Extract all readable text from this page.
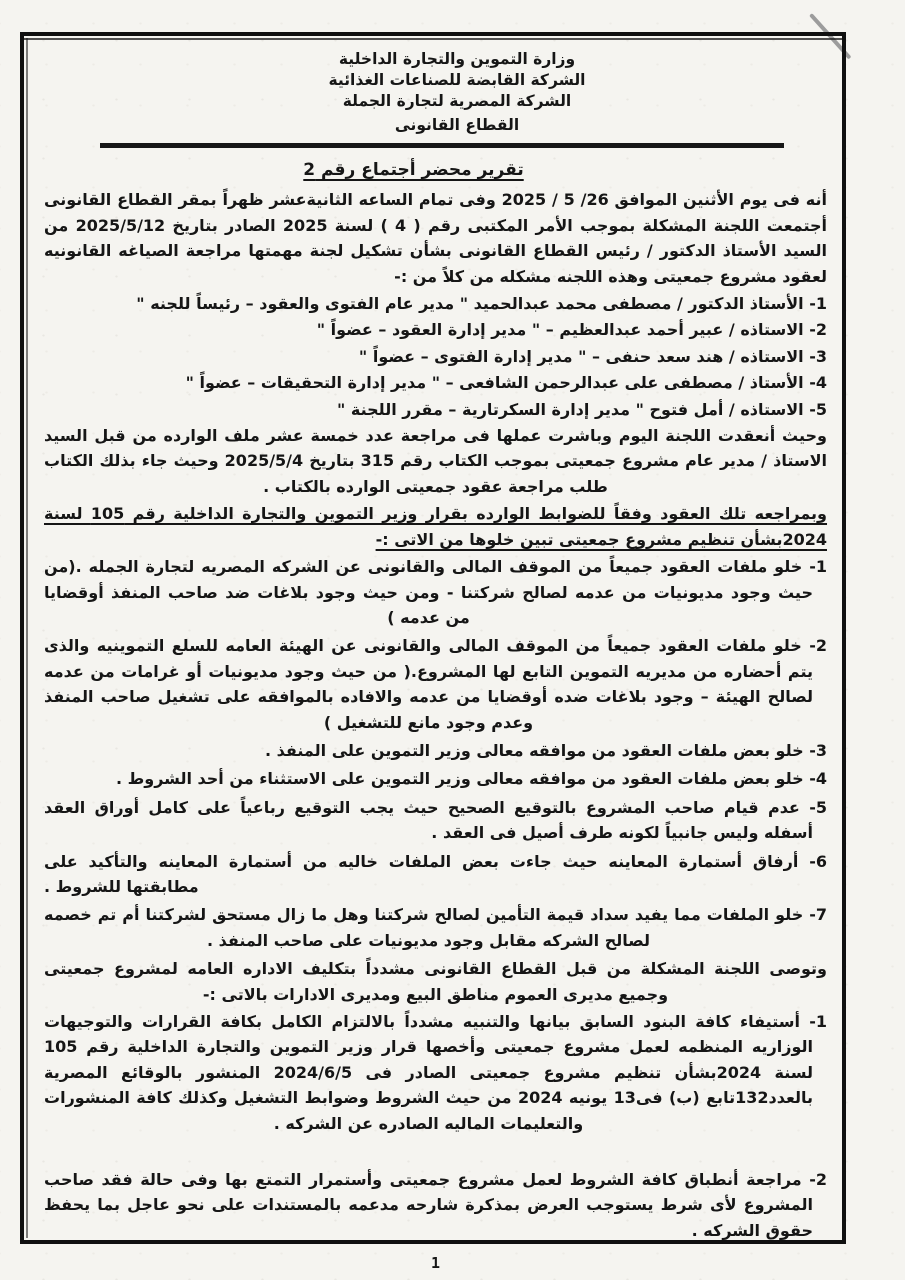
وزارة التموين والتجارة الداخلية
الشركة القابضة للصناعات الغذائية
الشركة المصرية لتجارة الجملة
القطاع القانونى
تقرير محضر أجتماع رقم 2

أنه فى يوم الأثنين الموافق 26/ 5 / 2025 وفى تمام الساعه الثانيةعشر ظهراً بمقر القطاع القانونى أجتمعت اللجنة المشكلة بموجب الأمر المكتبى رقم ( 4 ) لسنة 2025 الصادر بتاريخ 2025/5/12 من السيد الأستاذ الدكتور / رئيس القطاع القانونى بشأن تشكيل لجنة مهمتها مراجعة الصياغه القانونيه لعقود مشروع جمعيتى وهذه اللجنه مشكله من كلاً من :-

1- الأستاذ الدكتور / مصطفى محمد عبدالحميد " مدير عام الفتوى والعقود – رئيساً للجنه "

2- الاستاذه / عبير أحمد عبدالعظيم – " مدير إدارة العقود – عضواً "

3- الاستاذه / هند سعد حنفى – " مدير إدارة الفتوى – عضواً "

4- الأستاذ / مصطفى على عبدالرحمن الشافعى – " مدير إدارة التحقيقات – عضواً "

5- الاستاذه / أمل فتوح " مدير إدارة السكرتارية – مقرر اللجنة "

وحيث أنعقدت اللجنة اليوم وباشرت عملها فى مراجعة عدد خمسة عشر ملف الوارده من قبل السيد الاستاذ / مدير عام مشروع جمعيتى بموجب الكتاب رقم 315 بتاريخ 2025/5/4 وحيث جاء بذلك الكتاب طلب مراجعة عقود جمعيتى الوارده بالكتاب .

وبمراجعه تلك العقود وفقاً للضوابط الوارده بقرار وزير التموين والتجارة الداخلية رقم 105 لسنة 2024بشأن تنظيم مشروع جمعيتى تبين خلوها من الاتى :-

1- خلو ملفات العقود جميعاً من الموقف المالى والقانونى عن الشركه المصريه لتجارة الجمله .(من حيث وجود مديونيات من عدمه لصالح شركتنا - ومن حيث وجود بلاغات ضد صاحب المنفذ أوقضايا من عدمه )

2- خلو ملفات العقود جميعاً من الموقف المالى والقانونى عن الهيئة العامه للسلع التموينيه والذى يتم أحضاره من مديريه التموين التابع لها المشروع.( من حيث وجود مديونيات أو غرامات من عدمه لصالح الهيئة – وجود بلاغات ضده أوقضايا من عدمه والافاده بالموافقه على تشغيل صاحب المنفذ وعدم وجود مانع للتشغيل )

3- خلو بعض ملفات العقود من موافقه معالى وزير التموين على المنفذ .

4- خلو بعض ملفات العقود من موافقه معالى وزير التموين على الاستثناء من أحد الشروط .

5- عدم قيام صاحب المشروع بالتوقيع الصحيح حيث يجب التوقيع رباعياً على كامل أوراق العقد أسفله وليس جانبياً لكونه طرف أصيل فى العقد .

6- أرفاق أستمارة المعاينه حيث جاءت بعض الملفات خاليه من أستمارة المعاينه والتأكيد على مطابقتها للشروط .

7- خلو الملفات مما يفيد سداد قيمة التأمين لصالح شركتنا وهل ما زال مستحق لشركتنا أم تم خصمه لصالح الشركه مقابل وجود مديونيات على صاحب المنفذ .

وتوصى اللجنة المشكلة من قبل القطاع القانونى مشدداً بتكليف الاداره العامه لمشروع جمعيتى وجميع مديرى العموم مناطق البيع ومديرى الادارات بالاتى :-

1- أستيفاء كافة البنود السابق بيانها والتنبيه مشدداً بالالتزام الكامل بكافة القرارات والتوجيهات الوزاريه المنظمه لعمل مشروع جمعيتى وأخصها قرار وزير التموين والتجارة الداخلية رقم 105 لسنة 2024بشأن تنظيم مشروع جمعيتى الصادر فى 2024/6/5 المنشور بالوقائع المصرية بالعدد132تابع (ب) فى13 يونيه 2024 من حيث الشروط وضوابط التشغيل وكذلك كافة المنشورات والتعليمات الماليه الصادره عن الشركه .

2- مراجعة أنطباق كافة الشروط لعمل مشروع جمعيتى وأستمرار التمتع بها وفى حالة فقد صاحب المشروع لأى شرط يستوجب العرض بمذكرة شارحه مدعمه بالمستندات على نحو عاجل بما يحفظ حقوق الشركه .

1
